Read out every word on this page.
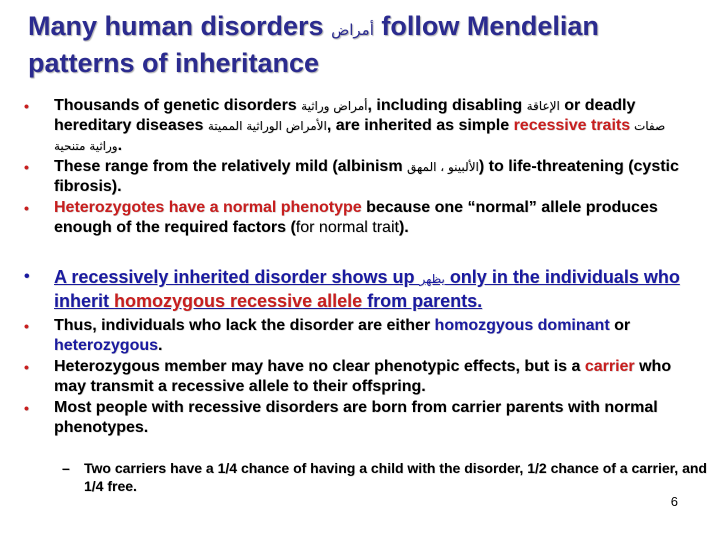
Many human disorders أمراض follow Mendelian patterns of inheritance
• Thousands of genetic disorders أمراض وراثية, including disabling الإعاقة or deadly hereditary diseases الأمراض الوراثية المميتة, are inherited as simple recessive traits صفات وراثية متنحية.
• These range from the relatively mild (albinism الألبينو ، المهق) to life-threatening (cystic fibrosis).
• Heterozygotes have a normal phenotype because one “normal” allele produces enough of the required factors (for normal trait).
• A recessively inherited disorder shows up يظهر only in the individuals who inherit homozygous recessive allele from parents.
• Thus, individuals who lack the disorder are either homozgyous dominant or heterozygous.
• Heterozygous member may have no clear phenotypic effects, but is a carrier who may transmit a recessive allele to their offspring.
• Most people with recessive disorders are born from carrier parents with normal phenotypes.
– Two carriers have a 1/4 chance of having a child with the disorder, 1/2 chance of a carrier, and 1/4 free.
6
